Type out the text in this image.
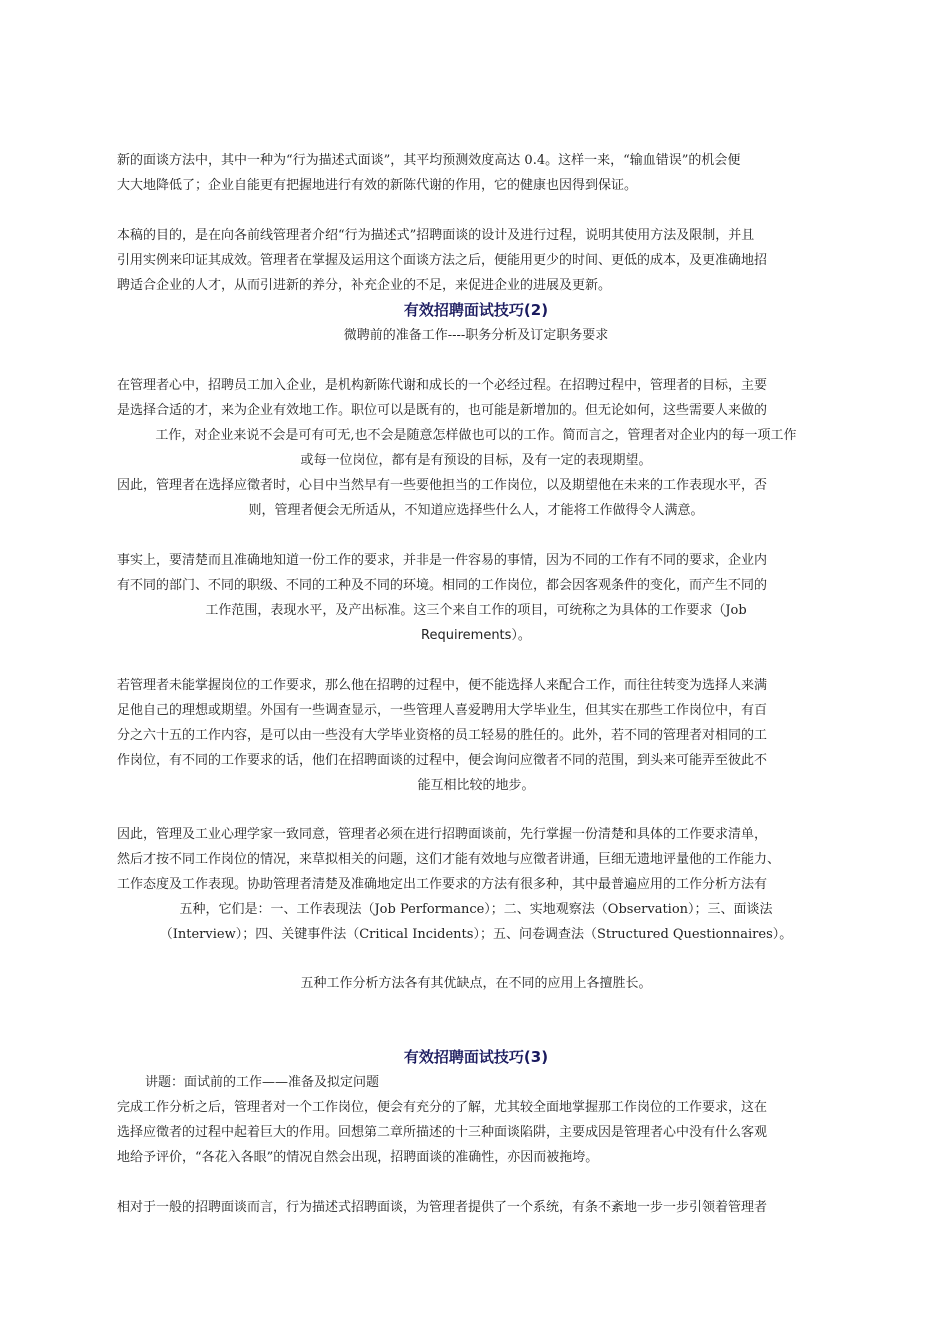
新的面谈方法中，其中一种为“行为描述式面谈”，其平均预测效度高达 0.4。这样一来，“输血错误”的机会便
大大地降低了；企业自能更有把握地进行有效的新陈代谢的作用，它的健康也因得到保证。

本稿的目的，是在向各前线管理者介绍“行为描述式”招聘面谈的设计及进行过程，说明其使用方法及限制，并且
引用实例来印证其成效。管理者在掌握及运用这个面谈方法之后，便能用更少的时间、更低的成本，及更准确地招
聘适合企业的人才，从而引进新的养分，补充企业的不足，来促进企业的进展及更新。

有效招聘面试技巧(2)
微聘前的准备工作----职务分析及订定职务要求

在管理者心中，招聘员工加入企业，是机构新陈代谢和成长的一个必经过程。在招聘过程中，管理者的目标，主要
是选择合适的才，来为企业有效地工作。职位可以是既有的，也可能是新增加的。但无论如何，这些需要人来做的
工作，对企业来说不会是可有可无,也不会是随意怎样做也可以的工作。简而言之，管理者对企业内的每一项工作
或每一位岗位，都有是有预设的目标，及有一定的表现期望。

因此，管理者在选择应徵者时，心目中当然早有一些要他担当的工作岗位，以及期望他在未来的工作表现水平，否
则，管理者便会无所适从，不知道应选择些什么人，才能将工作做得令人满意。

事实上，要清楚而且准确地知道一份工作的要求，并非是一件容易的事情，因为不同的工作有不同的要求，企业内
有不同的部门、不同的职级、不同的工种及不同的环境。相同的工作岗位，都会因客观条件的变化，而产生不同的
工作范围，表现水平，及产出标准。这三个来自工作的项目，可统称之为具体的工作要求（Job
Requirements）。

若管理者未能掌握岗位的工作要求，那么他在招聘的过程中，便不能选择人来配合工作，而往往转变为选择人来满
足他自己的理想或期望。外国有一些调查显示，一些管理人喜爱聘用大学毕业生，但其实在那些工作岗位中，有百
分之六十五的工作内容，是可以由一些没有大学毕业资格的员工轻易的胜任的。此外，若不同的管理者对相同的工
作岗位，有不同的工作要求的话，他们在招聘面谈的过程中，便会询问应徵者不同的范围，到头来可能弄至彼此不
能互相比较的地步。

因此，管理及工业心理学家一致同意，管理者必须在进行招聘面谈前，先行掌握一份清楚和具体的工作要求清单，
然后才按不同工作岗位的情况，来草拟相关的问题，这们才能有效地与应徵者讲通，巨细无遗地评量他的工作能力、
工作态度及工作表现。协助管理者清楚及准确地定出工作要求的方法有很多种，其中最普遍应用的工作分析方法有
五种，它们是：一、工作表现法（Job Performance）；二、实地观察法（Observation）；三、面谈法
（Interview）；四、关键事件法（Critical Incidents）；五、问卷调查法（Structured Questionnaires）。

五种工作分析方法各有其优缺点，在不同的应用上各擅胜长。
有效招聘面试技巧(3)
讲题：面试前的工作——准备及拟定问题

完成工作分析之后，管理者对一个工作岗位，便会有充分的了解，尤其较全面地掌握那工作岗位的工作要求，这在
选择应徵者的过程中起着巨大的作用。回想第二章所描述的十三种面谈陷阱，主要成因是管理者心中没有什么客观
地给予评价，“各花入各眼”的情况自然会出现，招聘面谈的准确性，亦因而被拖垮。

相对于一般的招聘面谈而言，行为描述式招聘面谈，为管理者提供了一个系统，有条不紊地一步一步引领着管理者
